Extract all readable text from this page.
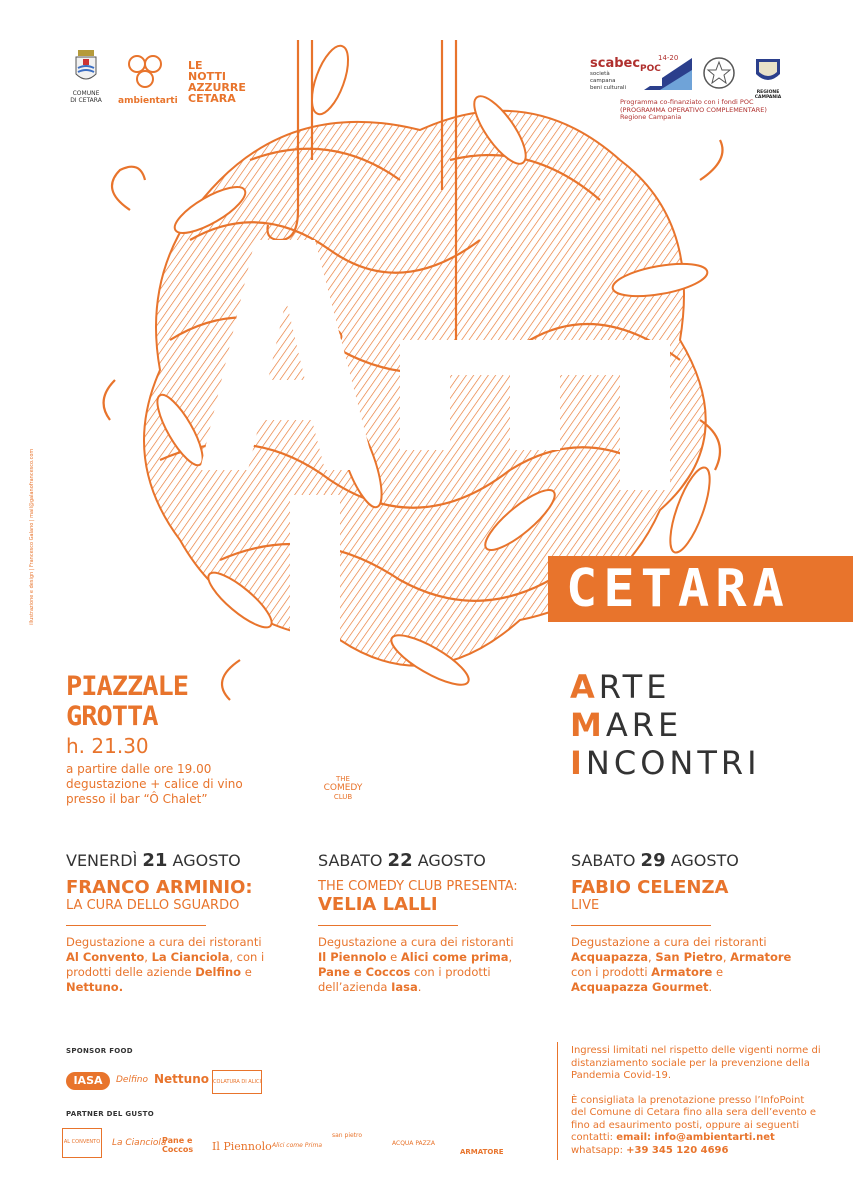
COMUNE
DI CETARA	ambientarti
LE
NOTTI
AZZURRE
CETARA
scabec
società campana
beni culturali
POC
14-20
REGIONE CAMPANIA
Programma co-finanziato con i fondi POC
(PROGRAMMA OPERATIVO COMPLEMENTARE)
Regione Campania
CETARA
illustrazione e design | Francesco Galano | mail@galanofrancesco.com
PIAZZALE
GROTTA
h. 21.30
a partire dalle ore 19.00
degustazione + calice di vino
presso il bar “Ô Chalet”
THE
COMEDY
CLUB
ARTE
MARE
INCONTRI
VENERDÌ 21 AGOSTO
FRANCO ARMINIO:
LA CURA DELLO SGUARDO
Degustazione a cura dei ristoranti
Al Convento, La Cianciola, con i
prodotti delle aziende Delfino e
Nettuno.
SABATO 22 AGOSTO
THE COMEDY CLUB PRESENTA:
VELIA LALLI
Degustazione a cura dei ristoranti
Il Piennolo e Alici come prima,
Pane e Coccos con i prodotti
dell’azienda Iasa.
SABATO 29 AGOSTO
FABIO CELENZA
LIVE
Degustazione a cura dei ristoranti
Acquapazza, San Pietro, Armatore
con i prodotti Armatore e
Acquapazza Gourmet.
SPONSOR FOOD
IASA	Delfino Nettuno COLATURA DI ALICI
PARTNER DEL GUSTO
AL CONVENTO La Cianciola
Pane e Coccos	Il Piennolo Alici come Prima
san pietro
ACQUA PAZZA
ARMATORE
Ingressi limitati nel rispetto delle vigenti norme di
distanziamento sociale per la prevenzione della
Pandemia Covid-19.
È consigliata la prenotazione presso l’InfoPoint
del Comune di Cetara fino alla sera dell’evento e
fino ad esaurimento posti, oppure ai seguenti
contatti: email: info@ambientarti.net
whatsapp: +39 345 120 4696
